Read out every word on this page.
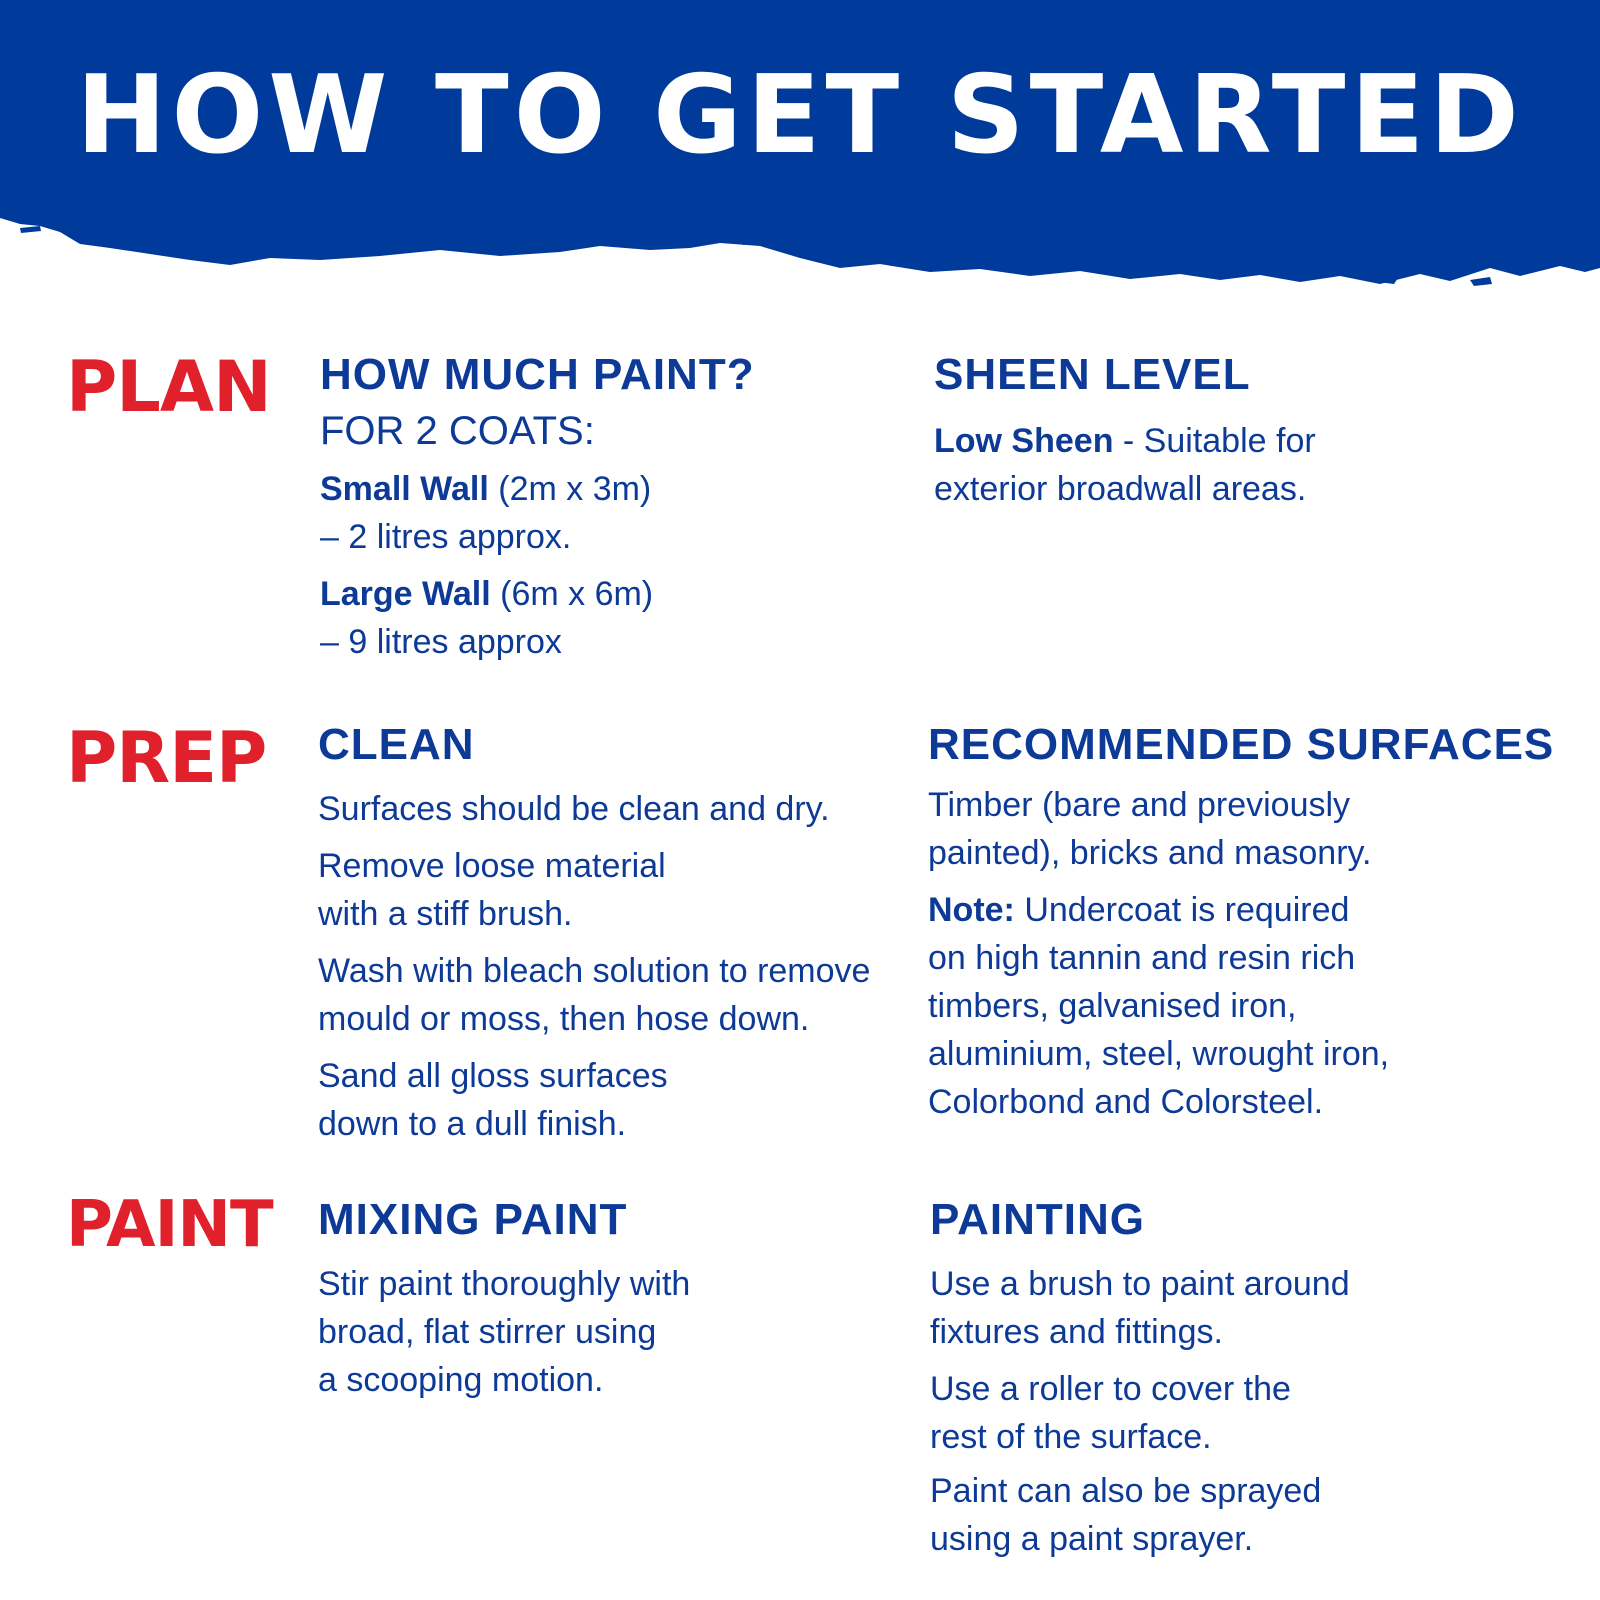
HOW TO GET STARTED
PLAN HOW MUCH PAINT?
FOR 2 COATS:

Small Wall (2m x 3m)

– 2 litres approx.

Large Wall (6m x 6m)

– 9 litres approx

SHEEN LEVEL

Low Sheen - Suitable for

exterior broadwall areas.

PREP CLEAN

Surfaces should be clean and dry.

Remove loose material

with a stiff brush.

Wash with bleach solution to remove

mould or moss, then hose down.

Sand all gloss surfaces

down to a dull finish.

RECOMMENDED SURFACES

Timber (bare and previously

painted), bricks and masonry.

Note: Undercoat is required

on high tannin and resin rich

timbers, galvanised iron,

aluminium, steel, wrought iron,

Colorbond and Colorsteel.

PAINT MIXING PAINT

Stir paint thoroughly with

broad, flat stirrer using

a scooping motion.

PAINTING

Use a brush to paint around

fixtures and fittings.

Use a roller to cover the

rest of the surface.

Paint can also be sprayed

using a paint sprayer.
